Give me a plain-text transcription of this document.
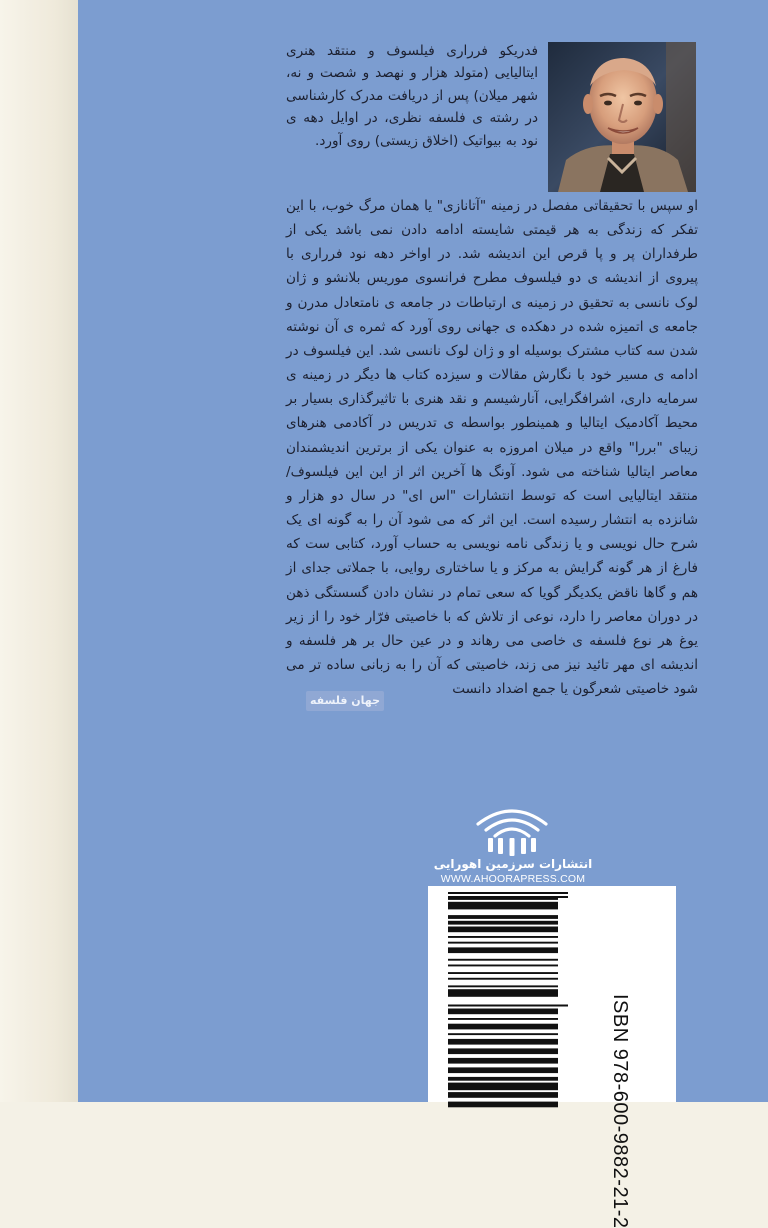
فدریکو فرراری فیلسوف و منتقد هنری ایتالیایی (متولد هزار و نهصد و شصت و نه، شهر میلان) پس از دریافت مدرک کارشناسی در رشته ی فلسفه نظری، در اوایل دهه ی نود به بیواتیک (اخلاق زیستی) روی آورد.

او سپس با تحقیقاتی مفصل در زمینه "آتانازی" یا همان مرگ خوب، با این تفکر که زندگی به هر قیمتی شایسته ادامه دادن نمی باشد یکی از طرفداران پر و پا قرص این اندیشه شد. در اواخر دهه نود فرراری با پیروی از اندیشه ی دو فیلسوف مطرح فرانسوی موریس بلانشو و ژان لوک نانسی به تحقیق در زمینه ی ارتباطات در جامعه ی نامتعادل مدرن و جامعه ی اتمیزه شده در دهکده ی جهانی روی آورد که ثمره ی آن نوشته شدن سه کتاب مشترک بوسیله او و ژان لوک نانسی شد. این فیلسوف در ادامه ی مسیر خود با نگارش مقالات و سیزده کتاب ها دیگر در زمینه ی سرمایه داری، اشرافگرایی، آنارشیسم و نقد هنری با تاثیرگذاری بسیار بر محیط آکادمیک ایتالیا و همینطور بواسطه ی تدریس در آکادمی هنرهای زیبای "بررا" واقع در میلان امروزه به عنوان یکی از برترین اندیشمندان معاصر ایتالیا شناخته می شود. آونگ ها آخرین اثر از این این فیلسوف/منتقد ایتالیایی است که توسط انتشارات "اس ای" در سال دو هزار و شانزده به انتشار رسیده است. این اثر که می شود آن را به گونه ای یک شرح حال نویسی و یا زندگی نامه نویسی به حساب آورد، کتابی ست که فارغ از هر گونه گرایش به مرکز و یا ساختاری روایی، با جملاتی جدای از هم و گاها ناقض یکدیگر گویا که سعی تمام در نشان دادن گسستگی ذهن در دوران معاصر را دارد، نوعی از تلاش که با خاصیتی فرّار خود را از زیر یوغ هر نوع فلسفه ی خاصی می رهاند و در عین حال بر هر فلسفه و اندیشه ای مهر تائید نیز می زند، خاصیتی که آن را به زبانی ساده تر می شود خاصیتی شعرگون یا جمع اضداد دانست

جهان فلسفه
انتشارات سرزمین اهورایی
WWW.AHOORAPRESS.COM
ISBN 978-600-9882-21-2
